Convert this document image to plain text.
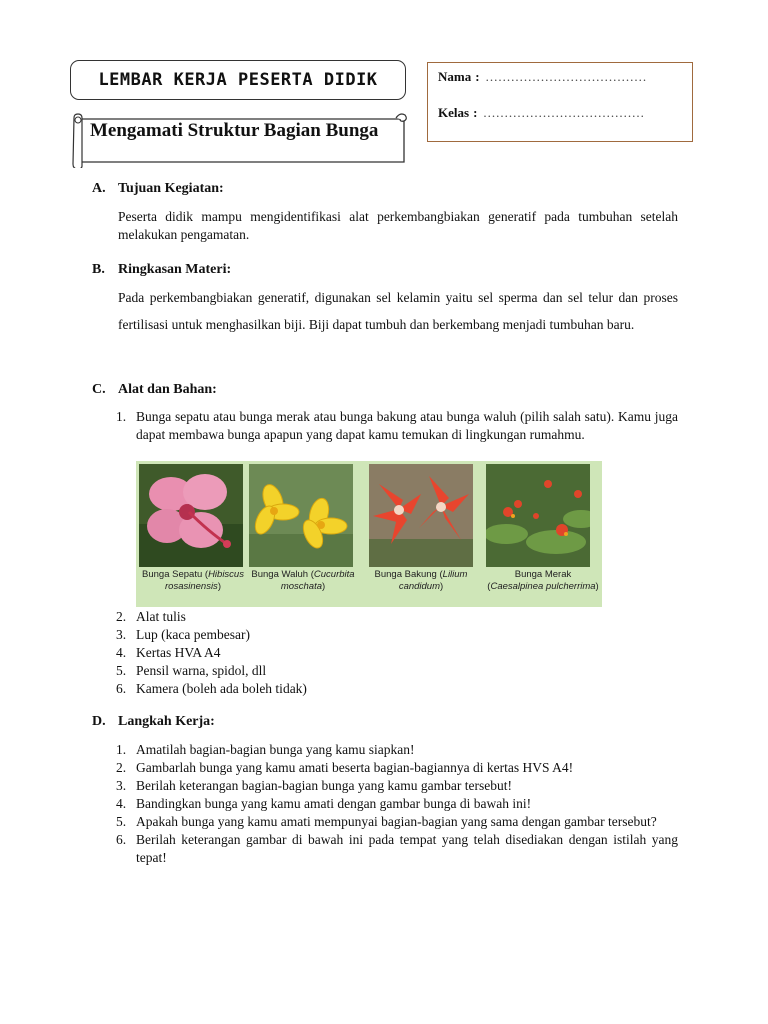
LEMBAR KERJA PESERTA DIDIK
Mengamati Struktur Bagian Bunga
Nama : ......................................
Kelas : ......................................
A. Tujuan Kegiatan:
Peserta didik mampu mengidentifikasi alat perkembangbiakan generatif pada tumbuhan setelah melakukan pengamatan.
B. Ringkasan Materi:
Pada perkembangbiakan generatif, digunakan sel kelamin yaitu sel sperma dan sel telur dan proses fertilisasi untuk menghasilkan biji. Biji dapat tumbuh dan berkembang menjadi tumbuhan baru.
C. Alat dan Bahan:
1. Bunga sepatu atau bunga merak atau bunga bakung atau bunga waluh (pilih salah satu). Kamu juga dapat membawa bunga apapun yang dapat kamu temukan di lingkungan rumahmu.
Bunga Sepatu (Hibiscus rosasinensis)
Bunga Waluh (Cucurbita moschata)
Bunga Bakung (Lilium candidum)
Bunga Merak (Caesalpinea pulcherrima)
2. Alat tulis
3. Lup (kaca pembesar)
4. Kertas HVA A4
5. Pensil warna, spidol, dll
6. Kamera (boleh ada boleh tidak)
D. Langkah Kerja:
1. Amatilah bagian-bagian bunga yang kamu siapkan!
2. Gambarlah bunga yang kamu amati beserta bagian-bagiannya di kertas HVS A4!
3. Berilah keterangan bagian-bagian bunga yang kamu gambar tersebut!
4. Bandingkan bunga yang kamu amati dengan gambar bunga di bawah ini!
5. Apakah bunga yang kamu amati mempunyai bagian-bagian yang sama dengan gambar tersebut?
6. Berilah keterangan gambar di bawah ini pada tempat yang telah disediakan dengan istilah yang tepat!
